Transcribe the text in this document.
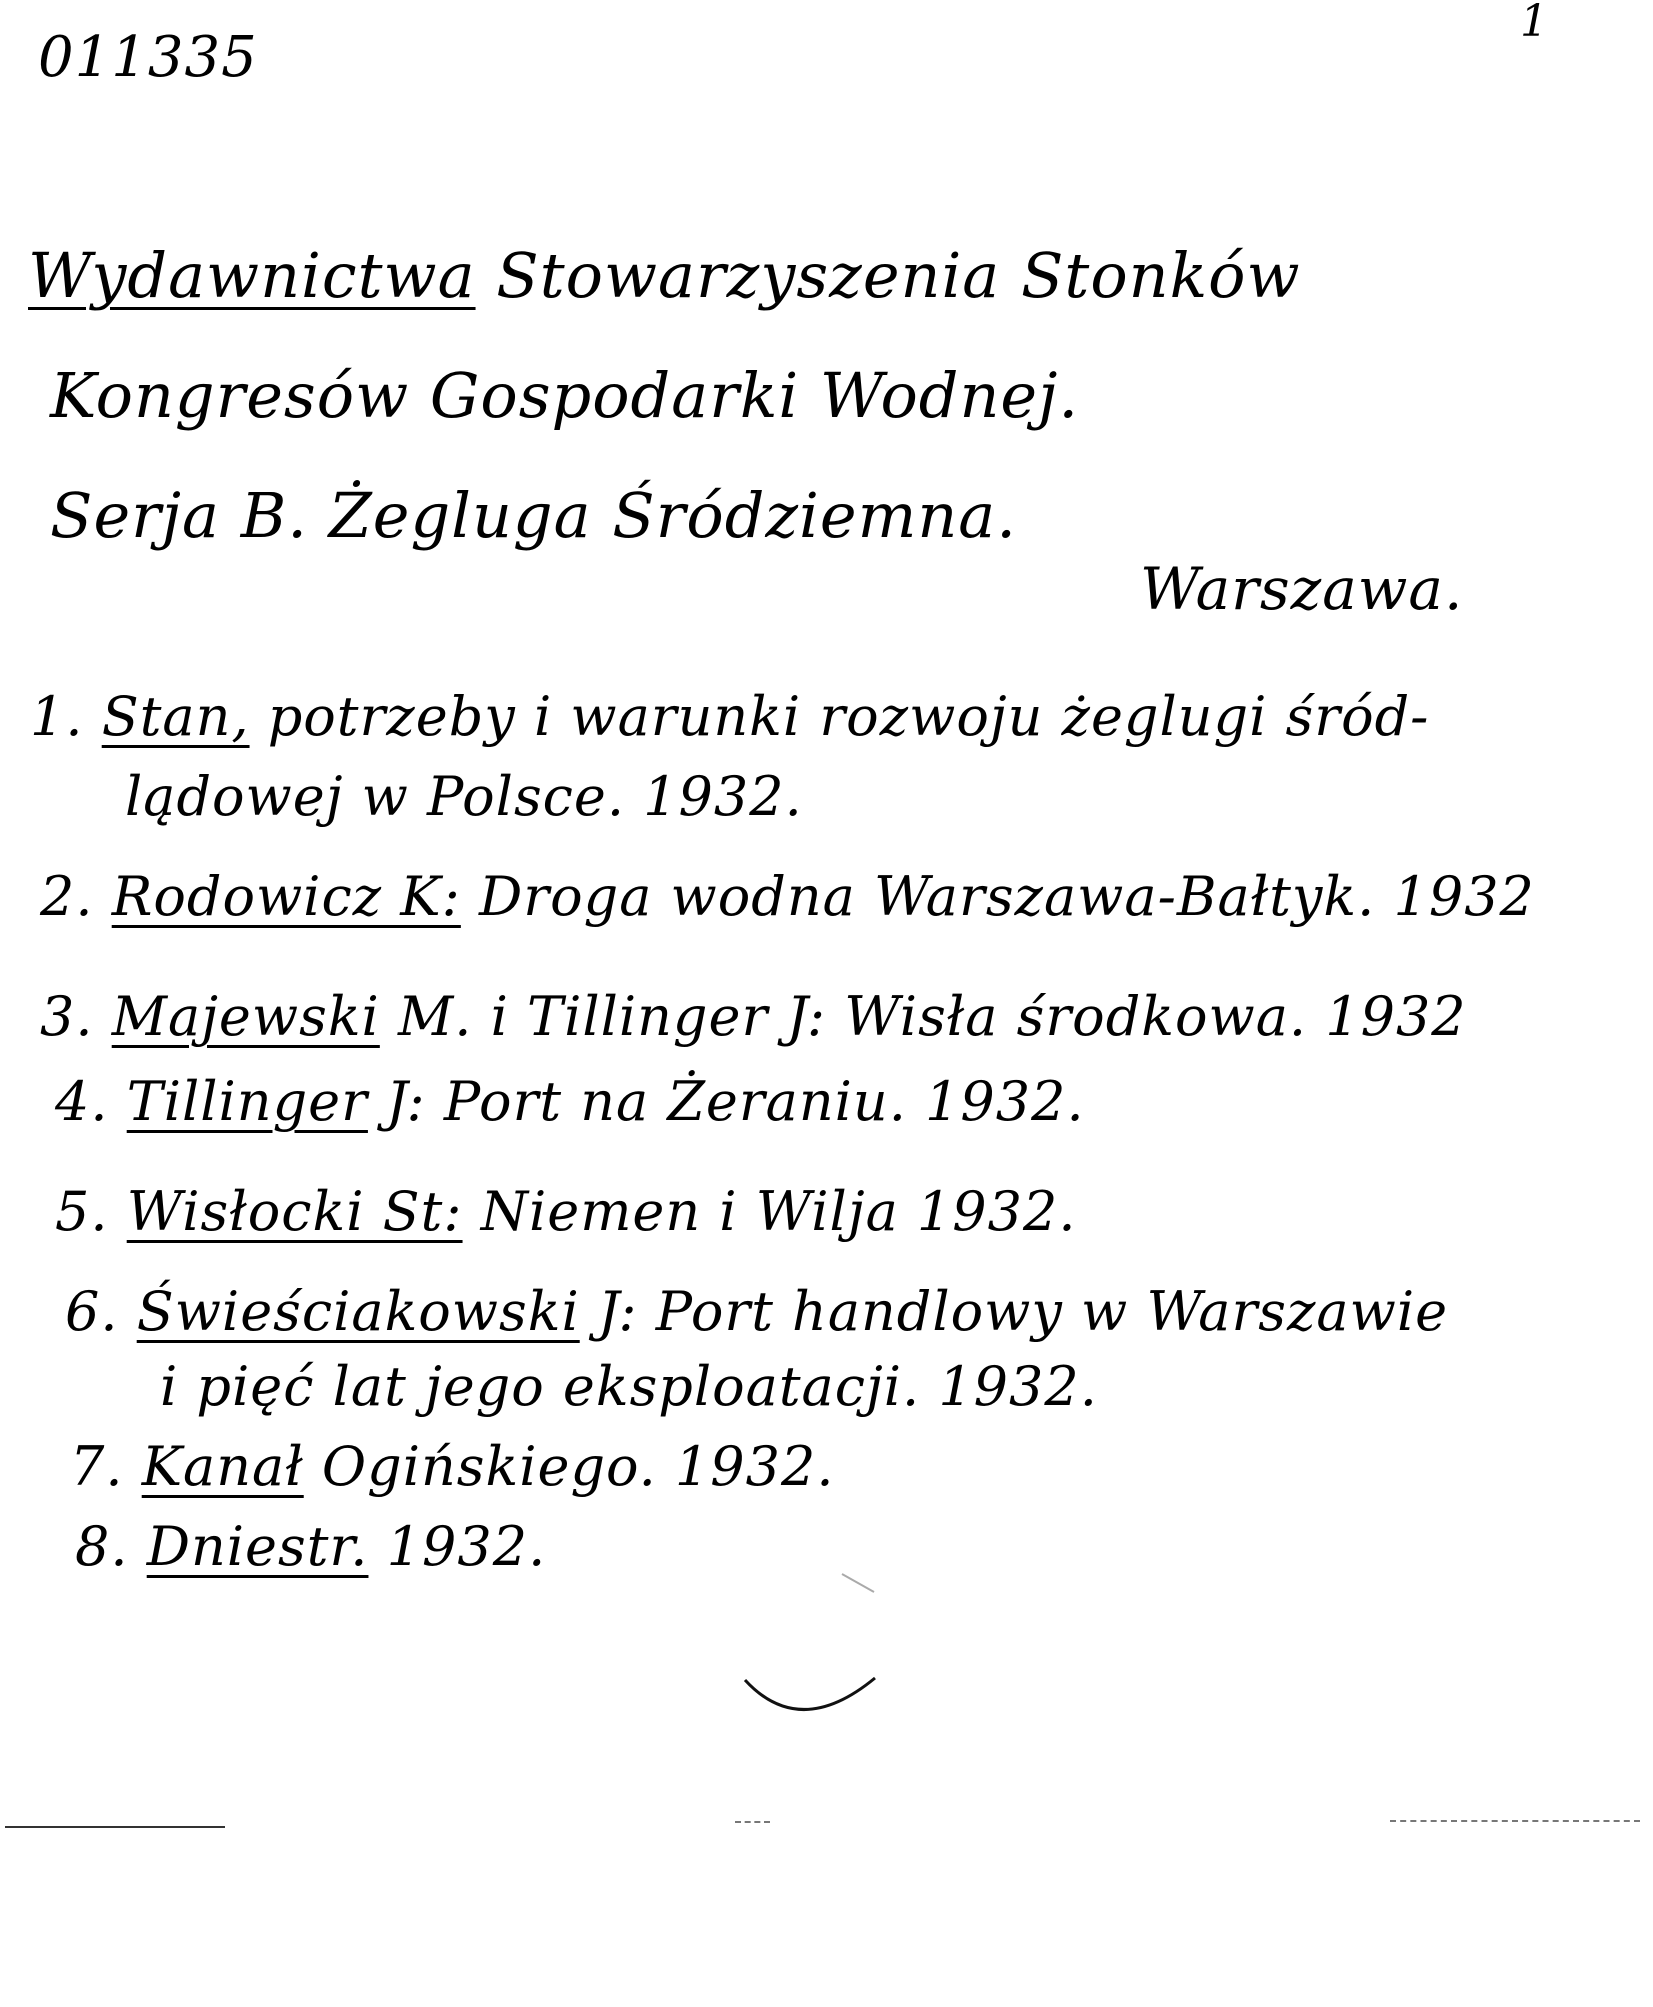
011335
1
Wydawnictwa Stowarzyszenia Stonków
Kongresów Gospodarki Wodnej.
Serja B. Żegluga Śródziemna.
Warszawa.
1. Stan, potrzeby i warunki rozwoju żeglugi śród-
lądowej w Polsce. 1932.
2. Rodowicz K: Droga wodna Warszawa-Bałtyk. 1932
3. Majewski M. i Tillinger J: Wisła środkowa. 1932
4. Tillinger J: Port na Żeraniu. 1932.
5. Wisłocki St: Niemen i Wilja 1932.
6. Świeściakowski J: Port handlowy w Warszawie
i pięć lat jego eksploatacji. 1932.
7. Kanał Ogińskiego. 1932.
8. Dniestr. 1932.
